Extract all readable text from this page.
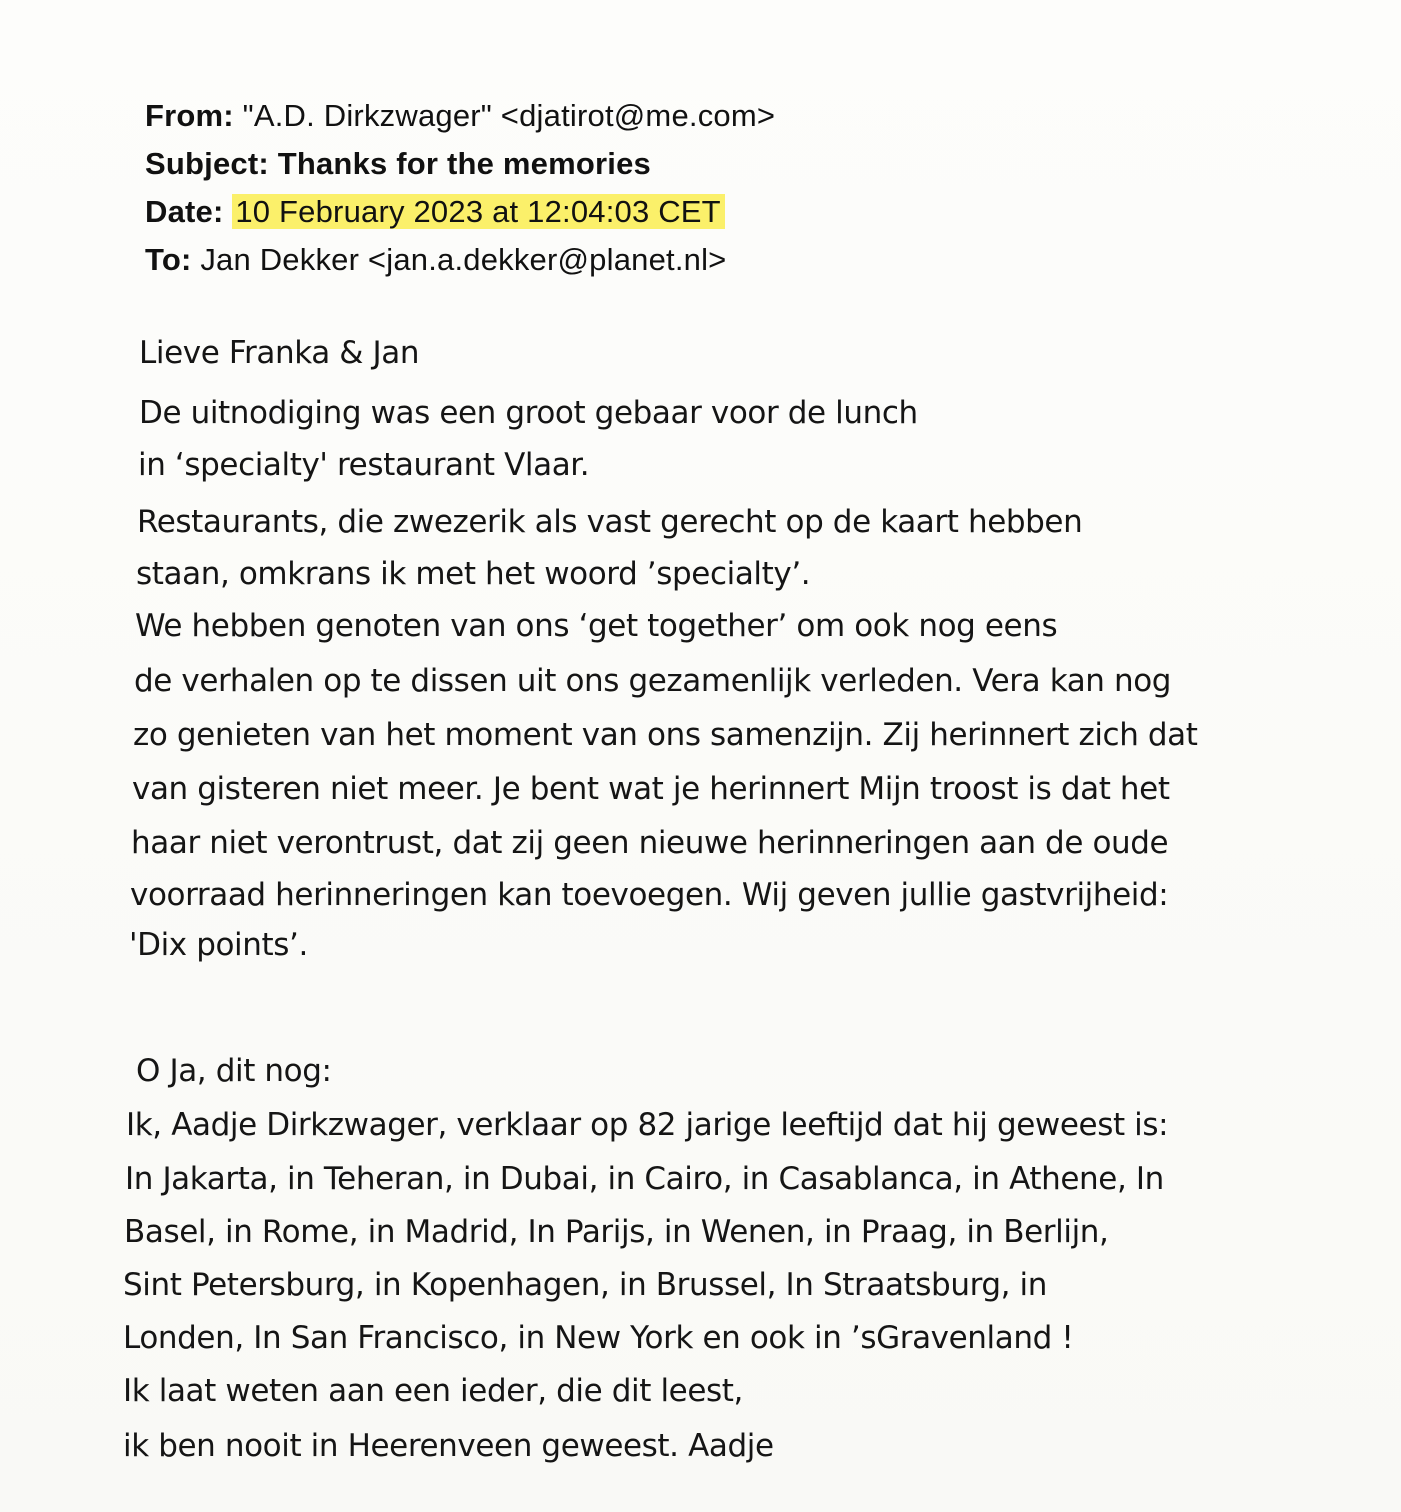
From: "A.D. Dirkzwager" <djatirot@me.com>
Subject: Thanks for the memories
Date: 10 February 2023 at 12:04:03 CET
To: Jan Dekker <jan.a.dekker@planet.nl>
Lieve Franka & Jan
De uitnodiging was een groot gebaar voor de lunch
in ‘specialty' restaurant Vlaar.
Restaurants, die zwezerik als vast gerecht op de kaart hebben
staan, omkrans ik met het woord ’specialty’.
We hebben genoten van ons ‘get together’ om ook nog eens
de verhalen op te dissen uit ons gezamenlijk verleden. Vera kan nog
zo genieten van het moment van ons samenzijn. Zij herinnert zich dat
van gisteren niet meer. Je bent wat je herinnert Mijn troost is dat het
haar niet verontrust, dat zij geen nieuwe herinneringen aan de oude
voorraad herinneringen kan toevoegen. Wij geven jullie gastvrijheid:
'Dix points’.
O Ja, dit nog:
Ik, Aadje Dirkzwager, verklaar op 82 jarige leeftijd dat hij geweest is:
In Jakarta, in Teheran, in Dubai, in Cairo, in Casablanca, in Athene, In
Basel, in Rome, in Madrid, In Parijs, in Wenen, in Praag, in Berlijn,
Sint Petersburg, in Kopenhagen, in Brussel, In Straatsburg, in
Londen, In San Francisco, in New York en ook in ’sGravenland !
Ik laat weten aan een ieder, die dit leest,
ik ben nooit in Heerenveen geweest. Aadje
